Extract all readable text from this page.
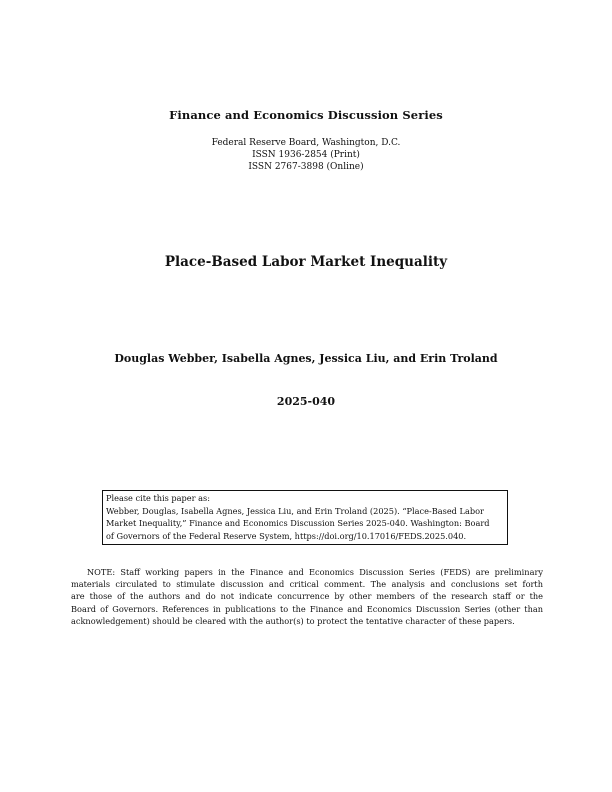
Finance and Economics Discussion Series
Federal Reserve Board, Washington, D.C.
ISSN 1936-2854 (Print)
ISSN 2767-3898 (Online)
Place-Based Labor Market Inequality
Douglas Webber, Isabella Agnes, Jessica Liu, and Erin Troland
2025-040
Please cite this paper as:
Webber, Douglas, Isabella Agnes, Jessica Liu, and Erin Troland (2025). “Place-Based Labor
Market Inequality,” Finance and Economics Discussion Series 2025-040. Washington: Board
of Governors of the Federal Reserve System, https://doi.org/10.17016/FEDS.2025.040.
NOTE: Staff working papers in the Finance and Economics Discussion Series (FEDS) are preliminary
materials circulated to stimulate discussion and critical comment. The analysis and conclusions set forth
are those of the authors and do not indicate concurrence by other members of the research staff or the
Board of Governors. References in publications to the Finance and Economics Discussion Series (other than
acknowledgement) should be cleared with the author(s) to protect the tentative character of these papers.
